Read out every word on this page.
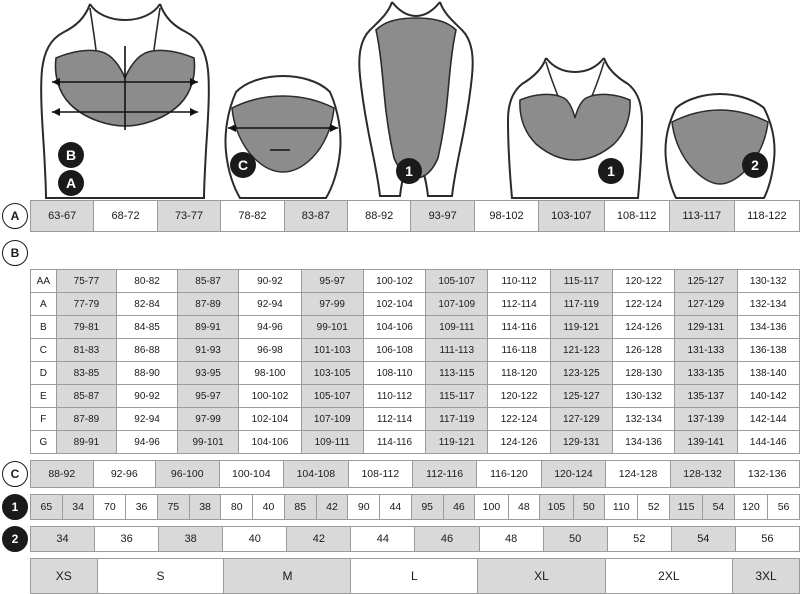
B
A
C	1	1	2
A	63-67	68-72	73-77	78-82	83-87	88-92	93-97	98-102	103-107	108-112	113-117	118-122
B
AA	75-77	80-82	85-87	90-92	95-97	100-102	105-107	110-112	115-117	120-122	125-127	130-132
A	77-79	82-84	87-89	92-94	97-99	102-104	107-109	112-114	117-119	122-124	127-129	132-134
B	79-81	84-85	89-91	94-96	99-101	104-106	109-111	114-116	119-121	124-126	129-131	134-136
C	81-83	86-88	91-93	96-98	101-103	106-108	111-113	116-118	121-123	126-128	131-133	136-138
D	83-85	88-90	93-95	98-100	103-105	108-110	113-115	118-120	123-125	128-130	133-135	138-140
E	85-87	90-92	95-97	100-102	105-107	110-112	115-117	120-122	125-127	130-132	135-137	140-142
F	87-89	92-94	97-99	102-104	107-109	112-114	117-119	122-124	127-129	132-134	137-139	142-144
G	89-91	94-96	99-101	104-106	109-111	114-116	119-121	124-126	129-131	134-136	139-141	144-146
C	88-92	92-96	96-100	100-104	104-108	108-112	112-116	116-120	120-124	124-128	128-132	132-136
1	65	34	70	36	75	38	80	40	85	42	90	44	95	46	100	48	105	50	110	52	115	54	120	56
2	34	36	38	40	42	44	46	48	50	52	54	56
XS	S	M	L	XL	2XL	3XL
